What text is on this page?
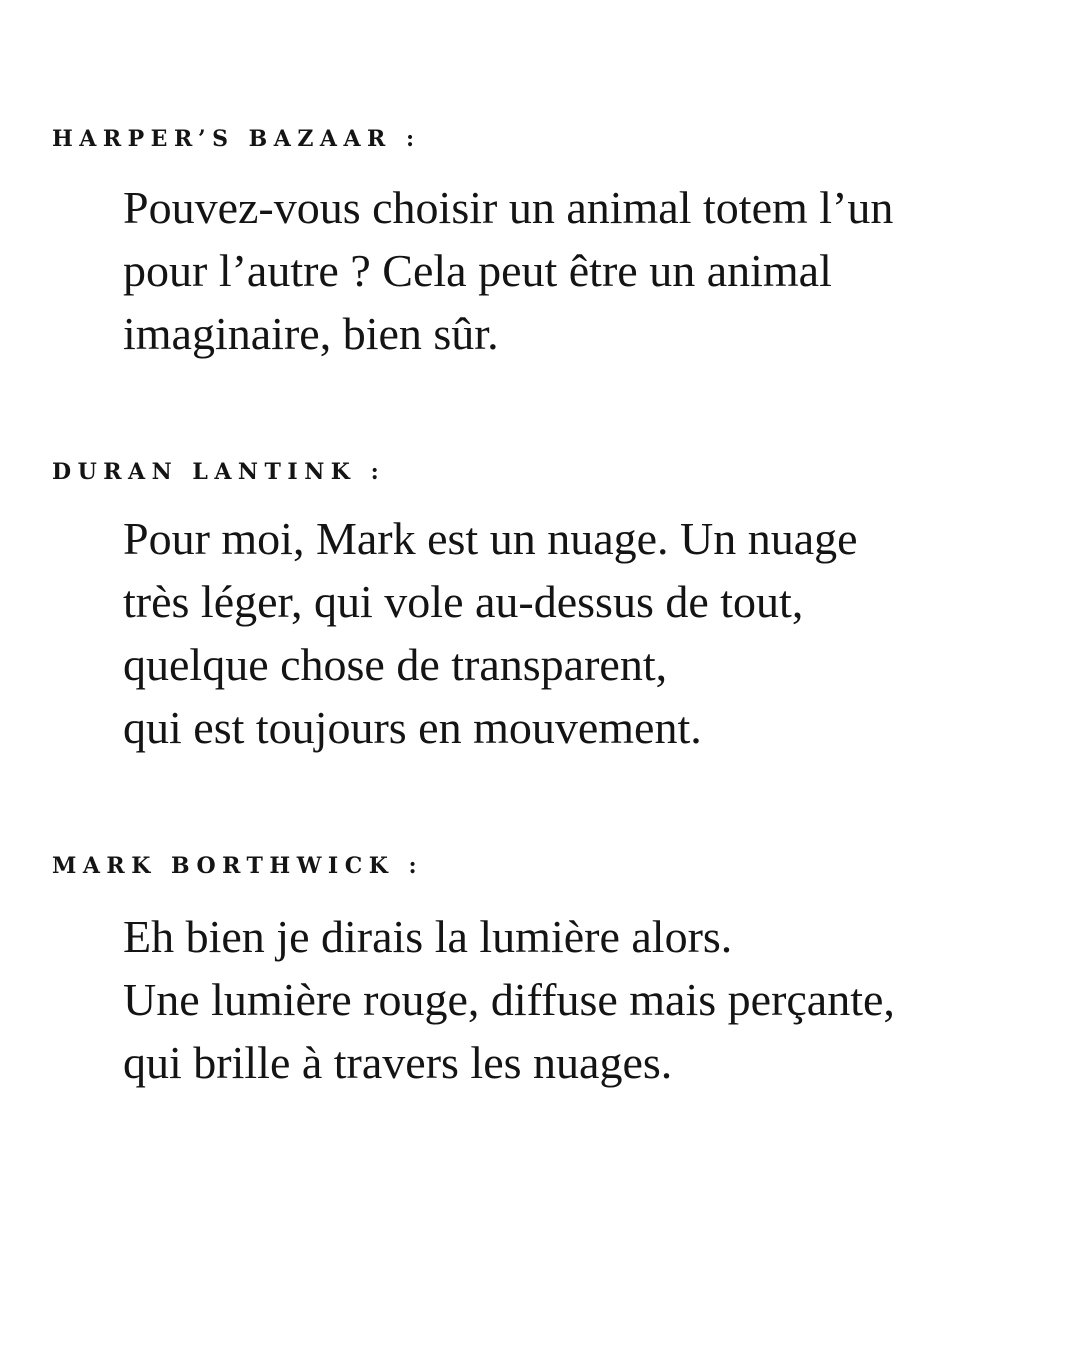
HARPER’S BAZAAR :

Pouvez-vous choisir un animal totem l’un
pour l’autre ? Cela peut être un animal
imaginaire, bien sûr.

DURAN LANTINK :

Pour moi, Mark est un nuage. Un nuage
très léger, qui vole au-dessus de tout,
quelque chose de transparent,
qui est toujours en mouvement.

MARK BORTHWICK :

Eh bien je dirais la lumière alors.
Une lumière rouge, diffuse mais perçante,
qui brille à travers les nuages.
